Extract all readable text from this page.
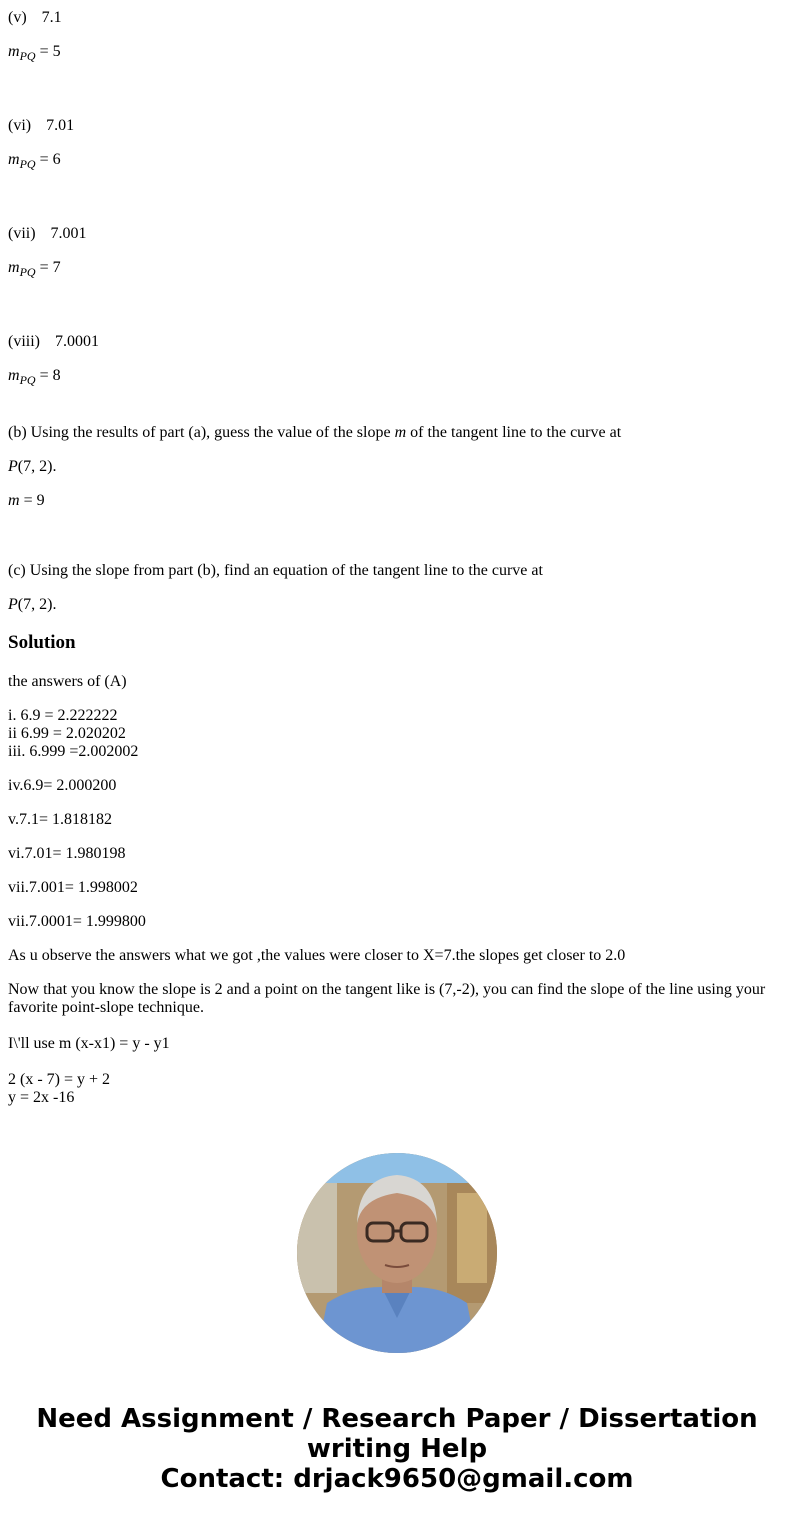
(v) 7.1
$m_{PQ} = 5$
(vi) 7.01
$m_{PQ} = 6$
(vii) 7.001
$m_{PQ} = 7$
(viii) 7.0001
$m_{PQ} = 8$
(b) Using the results of part (a), guess the value of the slope m of the tangent line to the curve at
P(7, 2).
m = 9
(c) Using the slope from part (b), find an equation of the tangent line to the curve at
P(7, 2).
Solution
the answers of (A)
i. 6.9 = 2.222222
ii 6.99 = 2.020202
iii. 6.999 =2.002002
iv.6.9= 2.000200
v.7.1= 1.818182
vi.7.01= 1.980198
vii.7.001= 1.998002
vii.7.0001= 1.999800
As u observe the answers what we got ,the values were closer to X=7.the slopes get closer to 2.0
Now that you know the slope is 2 and a point on the tangent like is (7,-2), you can find the slope of the line using your favorite point-slope technique.
I\'ll use m (x-x1) = y - y1
2 (x - 7) = y + 2
y = 2x -16
Need Assignment / Research Paper / Dissertation
writing Help
Contact: drjack9650@gmail.com
